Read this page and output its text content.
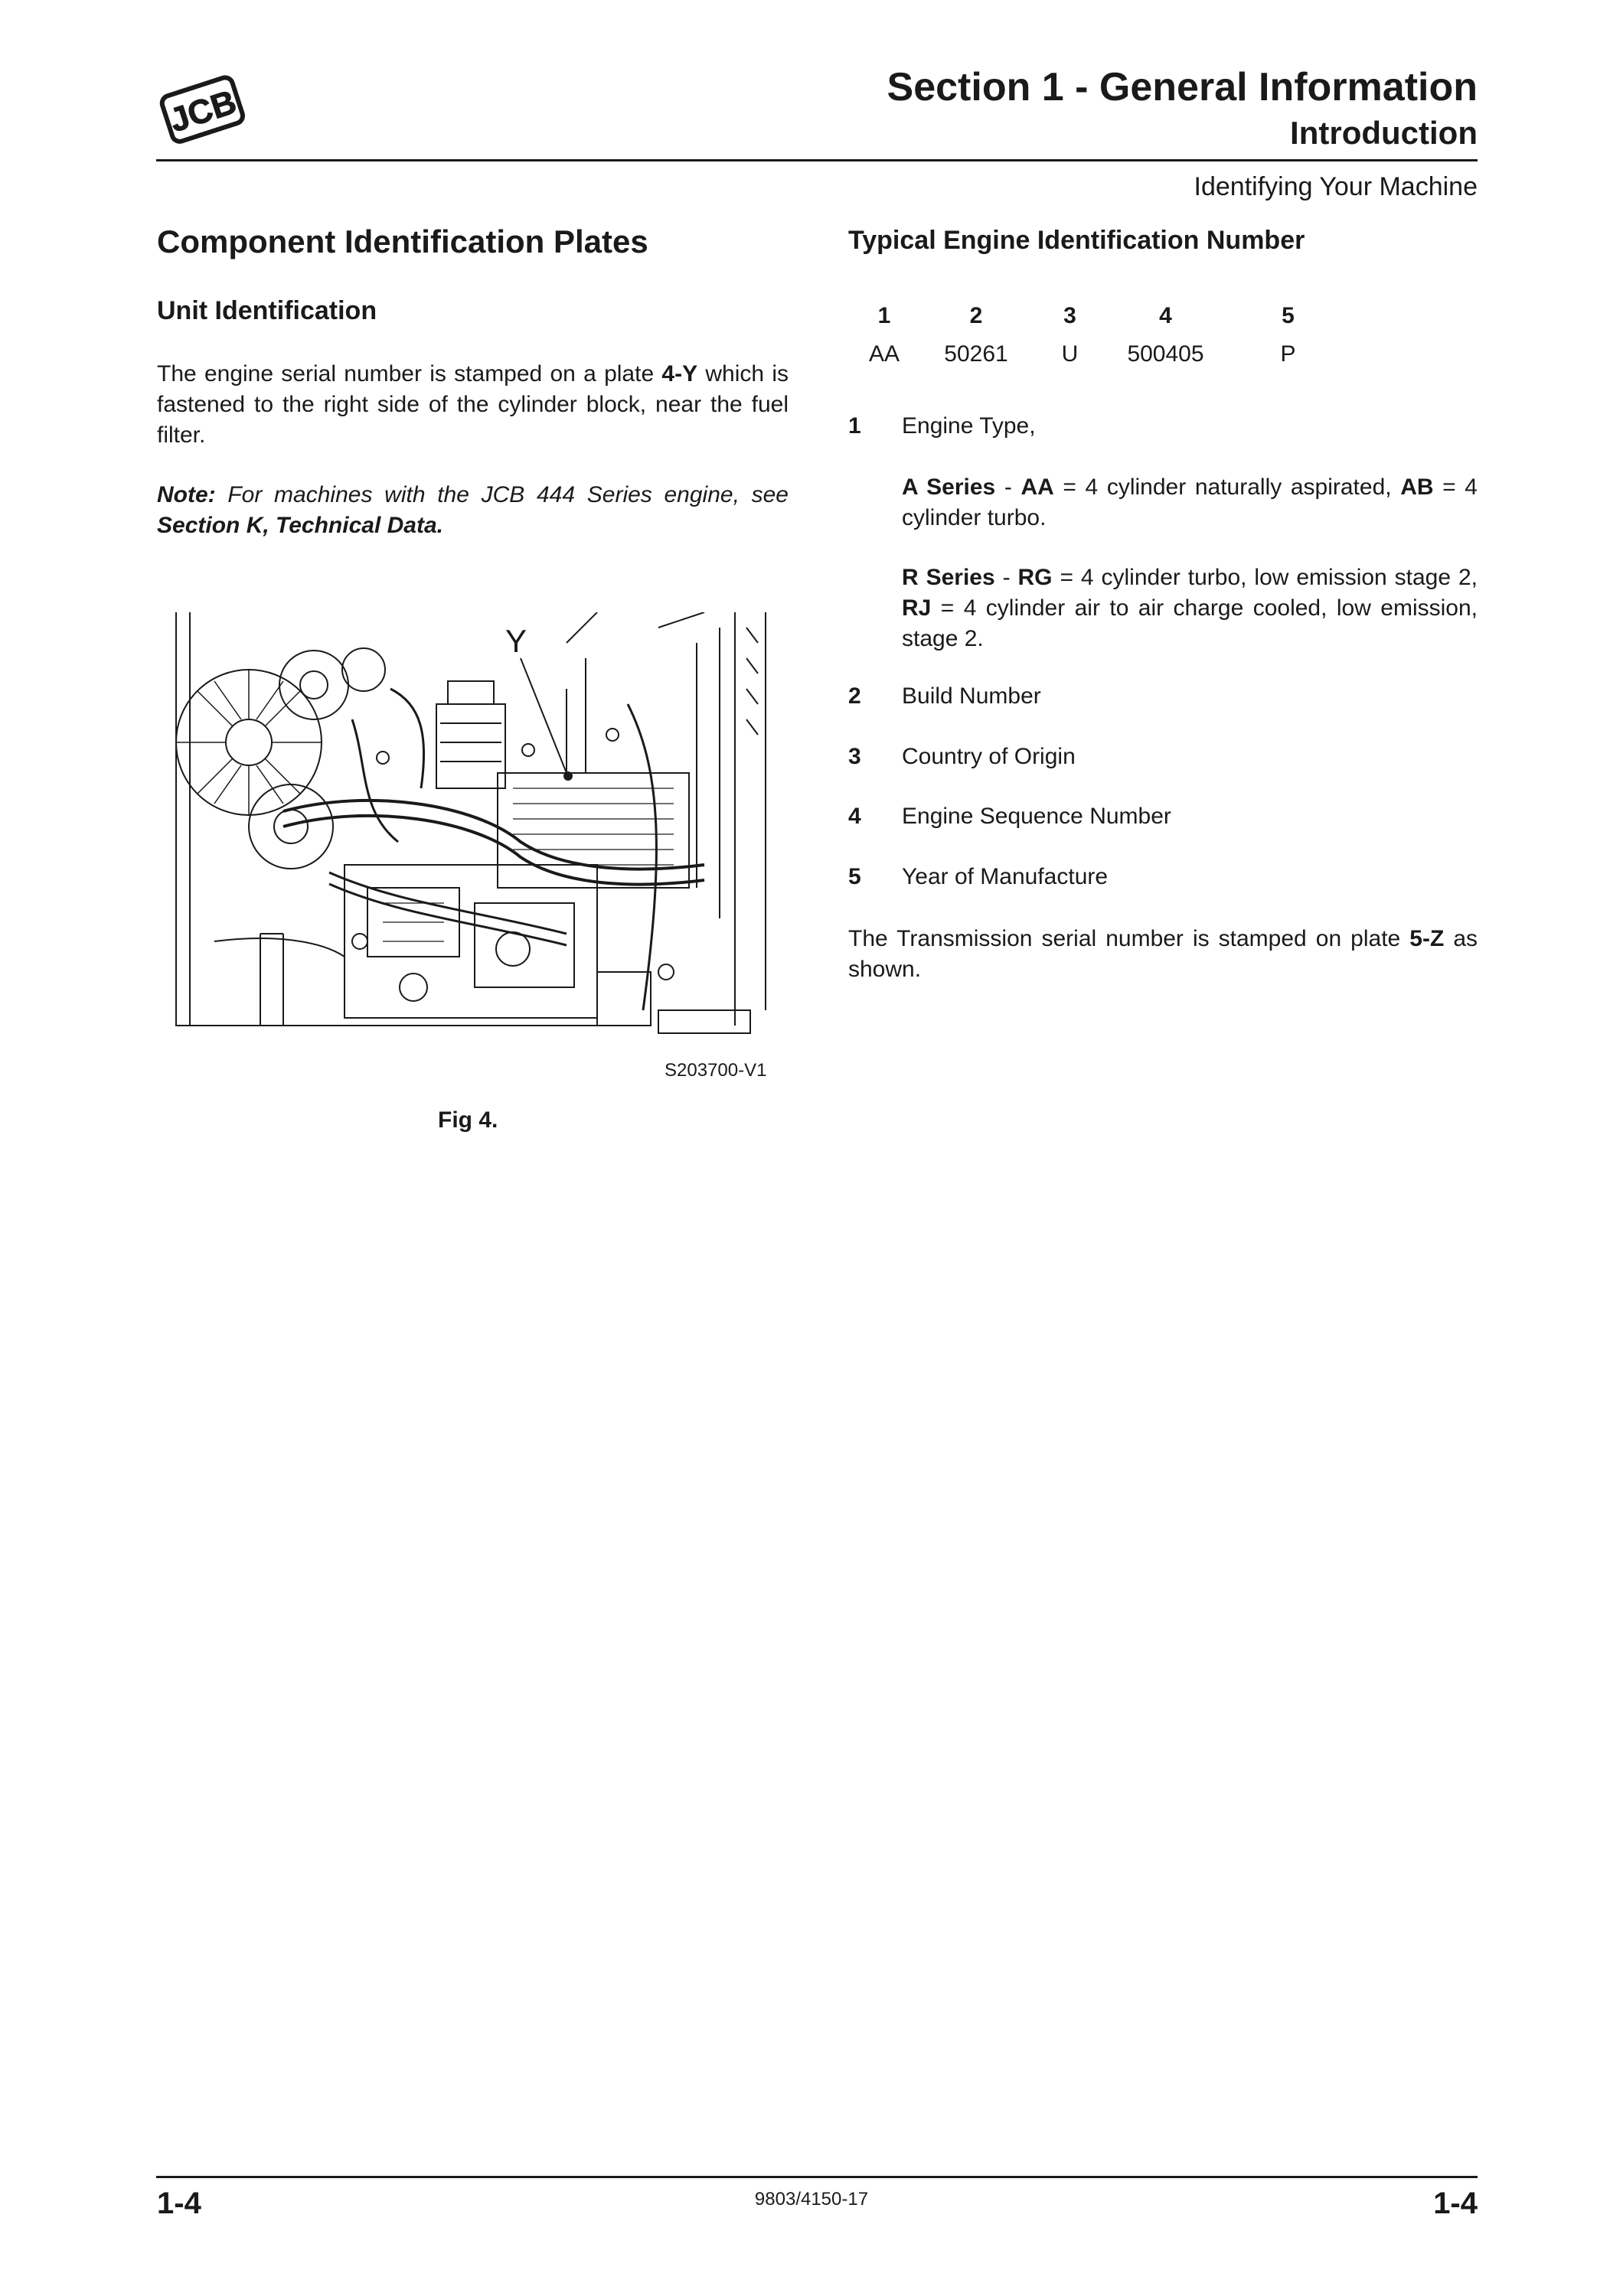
JCB	Section 1 - General Information
Introduction
Identifying Your Machine
Component Identification Plates
Unit Identification
The engine serial number is stamped on a plate 4-Y which is fastened to the right side of the cylinder block, near the fuel filter.
Note: For machines with the JCB 444 Series engine, see Section K, Technical Data.
Y
S203700-V1
Fig 4.
Typical Engine Identification Number
1	2	3	4	5
AA	50261	U	500405	P
1 Engine Type,
A Series - AA = 4 cylinder naturally aspirated, AB = 4 cylinder turbo.
R Series - RG = 4 cylinder turbo, low emission stage 2, RJ = 4 cylinder air to air charge cooled, low emission, stage 2.
2 Build Number
3 Country of Origin
4 Engine Sequence Number
5 Year of Manufacture
The Transmission serial number is stamped on plate 5-Z as shown.
1-4	9803/4150-17	1-4
